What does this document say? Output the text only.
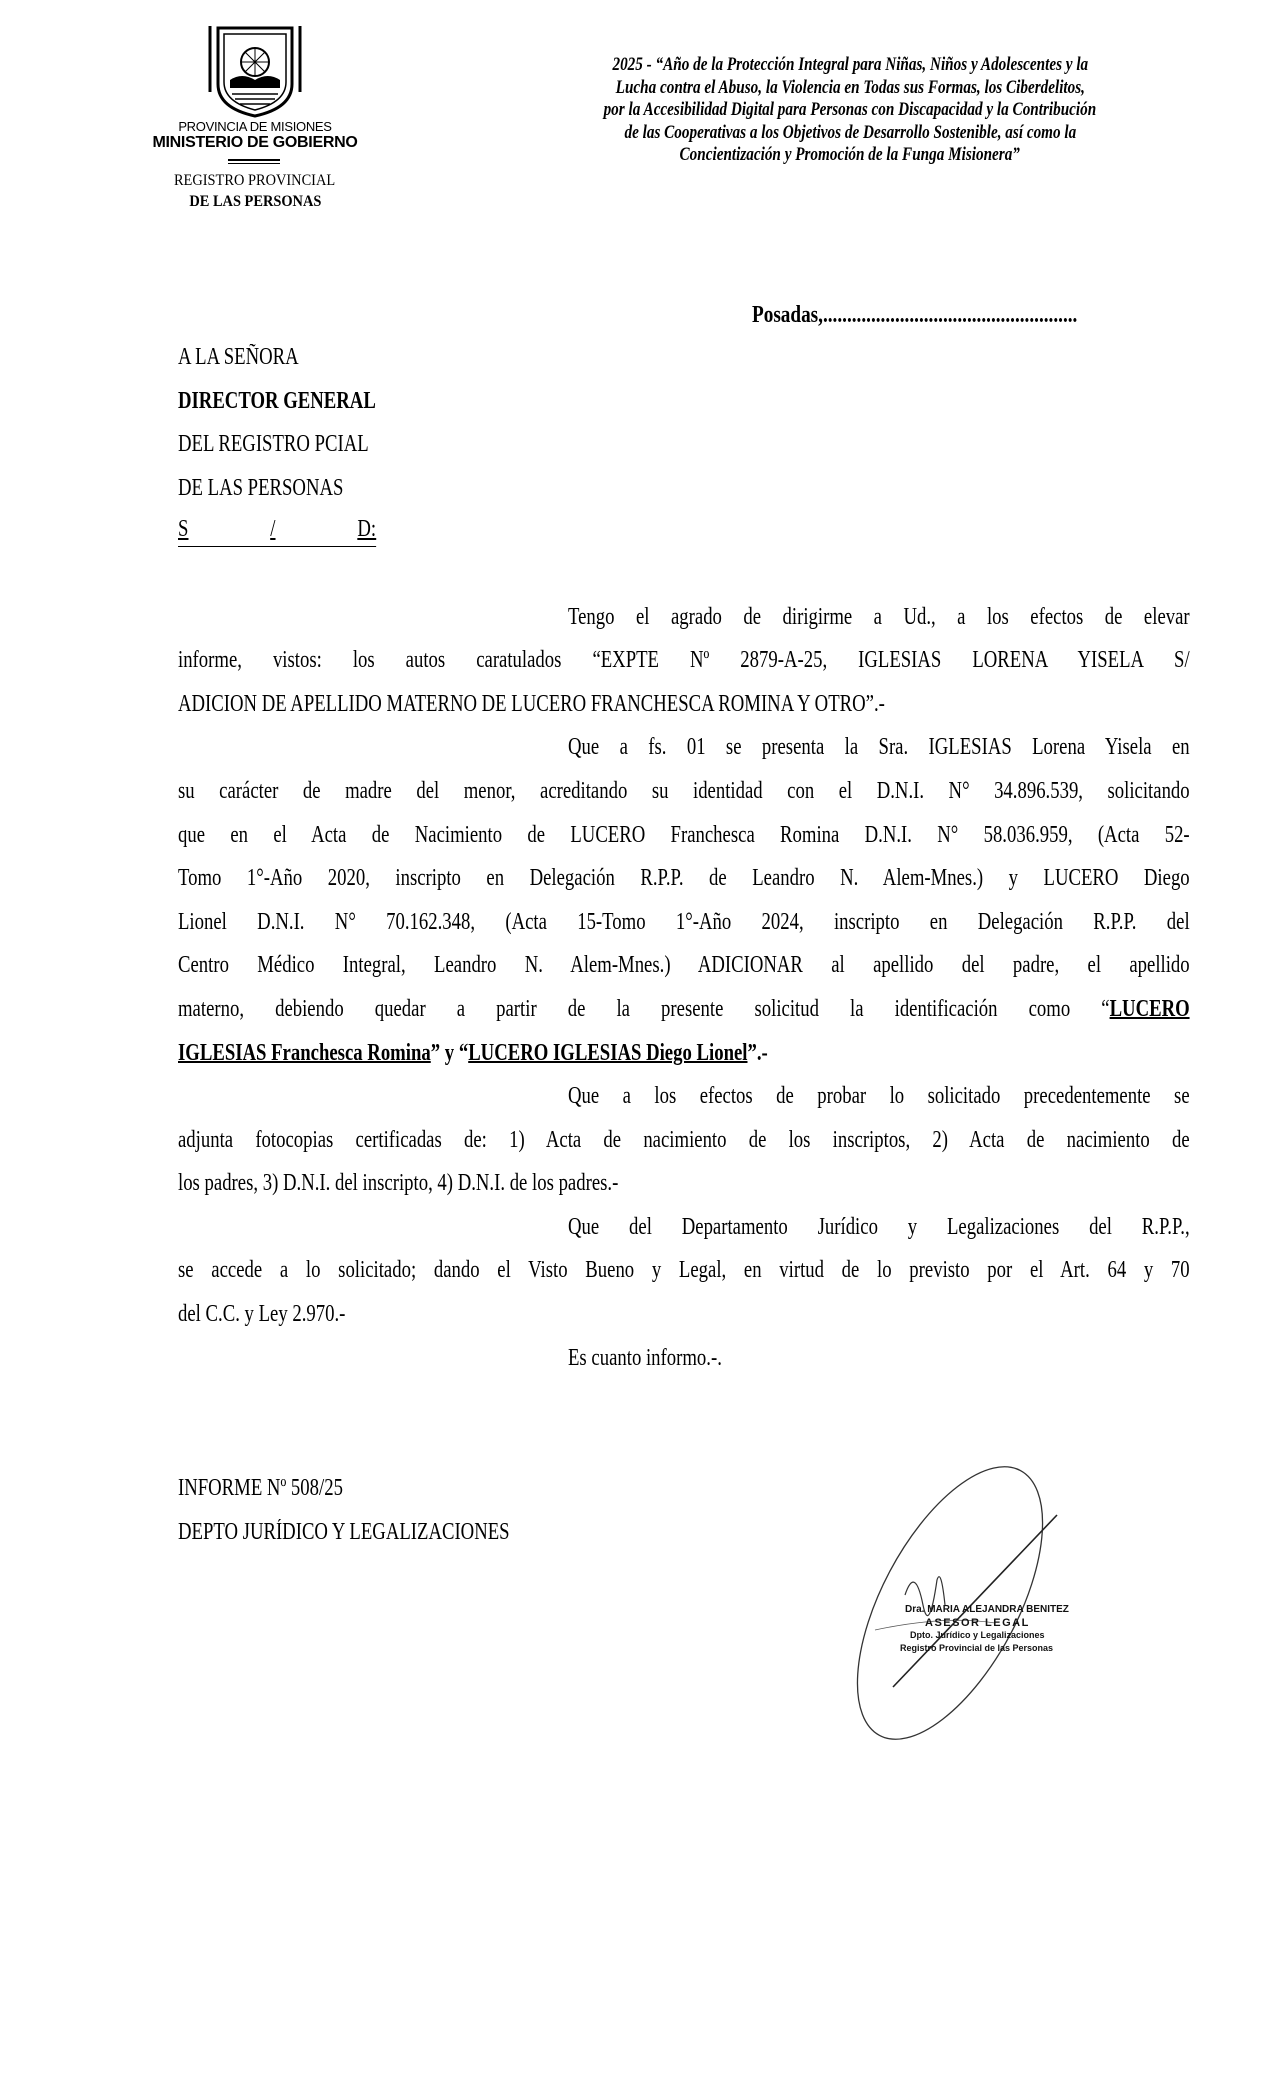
PROVINCIA DE MISIONES
MINISTERIO DE GOBIERNO
REGISTRO PROVINCIAL
DE LAS PERSONAS
2025 - “Año de la Protección Integral para Niñas, Niños y Adolescentes y la
Lucha contra el Abuso, la Violencia en Todas sus Formas, los Ciberdelitos,
por la Accesibilidad Digital para Personas con Discapacidad y la Contribución
de las Cooperativas a los Objetivos de Desarrollo Sostenible, así como la
Concientización y Promoción de la Funga Misionera”
Posadas,.....................................................
A LA SEÑORA
DIRECTOR GENERAL
DEL REGISTRO PCIAL
DE LAS PERSONAS
S	/	D:
Tengo el agrado de dirigirme a Ud., a los efectos de elevar
informe, vistos: los autos caratulados “EXPTE Nº 2879-A-25, IGLESIAS LORENA YISELA S/
ADICION DE APELLIDO MATERNO DE LUCERO FRANCHESCA ROMINA Y OTRO”.-
Que a fs. 01 se presenta la Sra. IGLESIAS Lorena Yisela en
su carácter de madre del menor, acreditando su identidad con el D.N.I. N° 34.896.539, solicitando
que en el Acta de Nacimiento de LUCERO Franchesca Romina D.N.I. N° 58.036.959, (Acta 52-
Tomo 1°-Año 2020, inscripto en Delegación R.P.P. de Leandro N. Alem-Mnes.) y LUCERO Diego
Lionel D.N.I. N° 70.162.348, (Acta 15-Tomo 1°-Año 2024, inscripto en Delegación R.P.P. del
Centro Médico Integral, Leandro N. Alem-Mnes.) ADICIONAR al apellido del padre, el apellido
materno, debiendo quedar a partir de la presente solicitud la identificación como “LUCERO
IGLESIAS Franchesca Romina” y “LUCERO IGLESIAS Diego Lionel”.-
Que a los efectos de probar lo solicitado precedentemente se
adjunta fotocopias certificadas de: 1) Acta de nacimiento de los inscriptos, 2) Acta de nacimiento de
los padres, 3) D.N.I. del inscripto, 4) D.N.I. de los padres.-
Que del Departamento Jurídico y Legalizaciones del R.P.P.,
se accede a lo solicitado; dando el Visto Bueno y Legal, en virtud de lo previsto por el Art. 64 y 70
del C.C. y Ley 2.970.-
Es cuanto informo.-.
INFORME Nº 508/25
DEPTO JURÍDICO Y LEGALIZACIONES
Dra. MARIA ALEJANDRA BENITEZ
ASESOR LEGAL
Dpto. Jurídico y Legalizaciones
Registro Provincial de las Personas
